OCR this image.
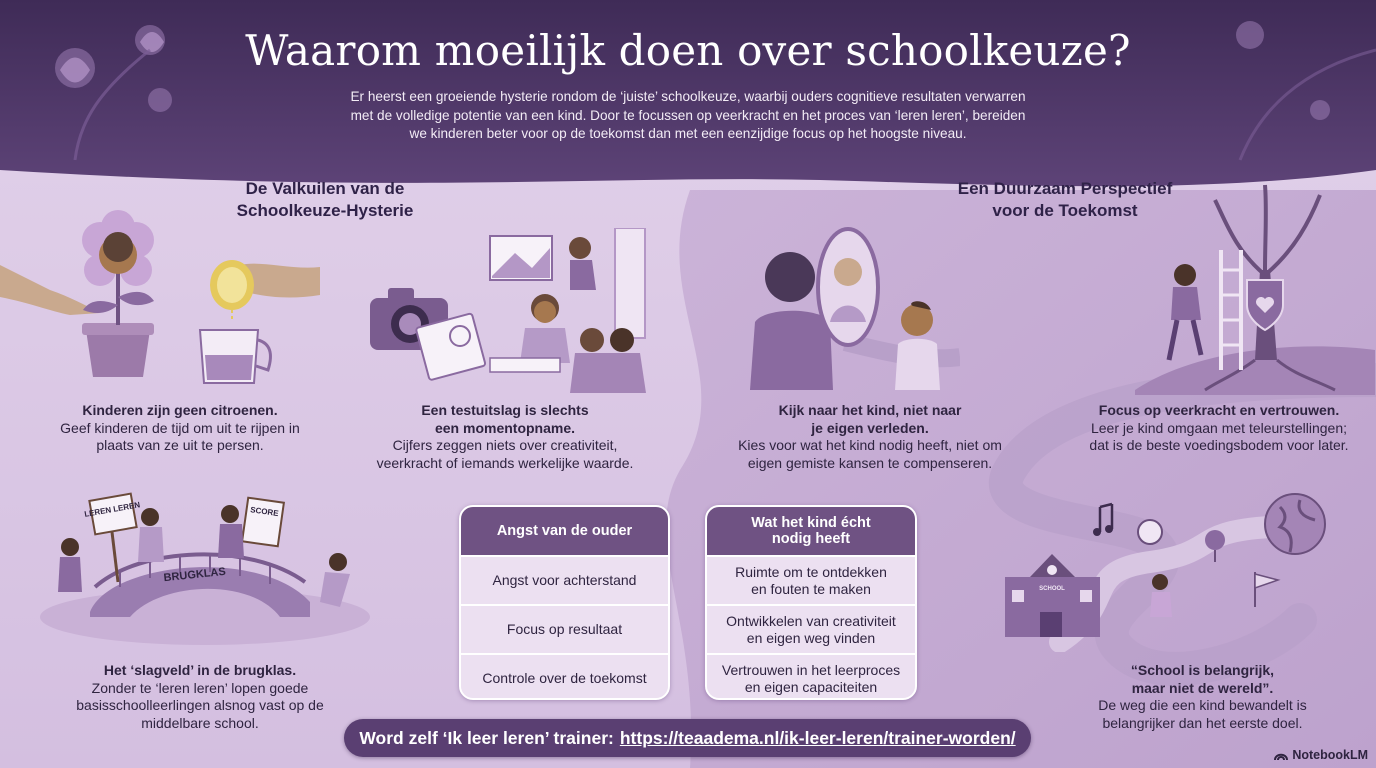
Waarom moeilijk doen over schoolkeuze?
Er heerst een groeiende hysterie rondom de ‘juiste’ schoolkeuze, waarbij ouders cognitieve resultaten verwarren met de volledige potentie van een kind. Door te focussen op veerkracht en het proces van ‘leren leren’, bereiden we kinderen beter voor op de toekomst dan met een eenzijdige focus op het hoogste niveau.
De Valkuilen van de
Schoolkeuze-Hysterie
Een Duurzaam Perspectief
voor de Toekomst
BRUGKLAS
LEREN LEREN	SCORE
SCHOOL
Kinderen zijn geen citroenen.
Geef kinderen de tijd om uit te rijpen in plaats van ze uit te persen.
Een testuitslag is slechts
een momentopname.
Cijfers zeggen niets over creativiteit, veerkracht of iemands werkelijke waarde.
Het ‘slagveld’ in de brugklas.
Zonder te ‘leren leren’ lopen goede basisschoolleerlingen alsnog vast op de middelbare school.
Kijk naar het kind, niet naar
je eigen verleden.
Kies voor wat het kind nodig heeft, niet om eigen gemiste kansen te compenseren.
Focus op veerkracht en vertrouwen.
Leer je kind omgaan met teleurstellingen; dat is de beste voedingsbodem voor later.
“School is belangrijk,
maar niet de wereld”.
De weg die een kind bewandelt is belangrijker dan het eerste doel.
Angst van de ouder
Angst voor achterstand
Focus op resultaat
Controle over de toekomst
Wat het kind écht
nodig heeft
Ruimte om te ontdekken
en fouten te maken
Ontwikkelen van creativiteit
en eigen weg vinden
Vertrouwen in het leerproces
en eigen capaciteiten
Word zelf ‘Ik leer leren’ trainer: https://teaadema.nl/ik-leer-leren/trainer-worden/
NotebookLM
